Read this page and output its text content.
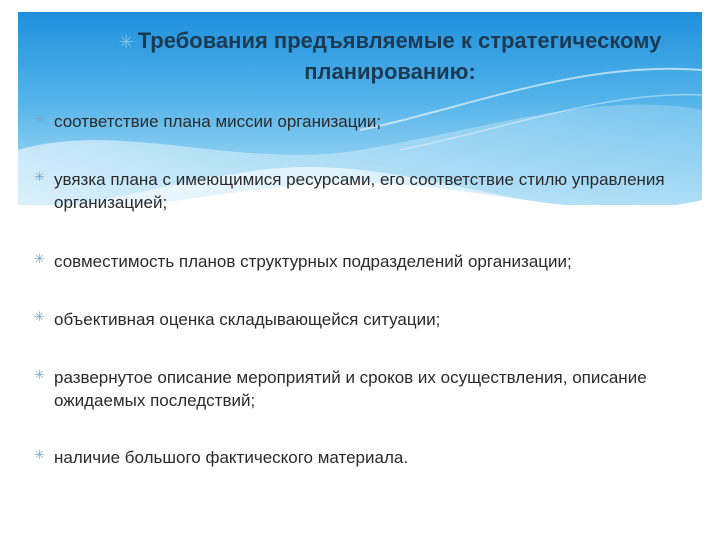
✳ Требования предъявляемые к стратегическому планированию:
✳ соответствие плана миссии организации;
✳ увязка плана с имеющимися ресурсами, его соответствие стилю управления организацией;
✳ совместимость планов структурных подразделений организации;
✳ объективная оценка складывающейся ситуации;
✳ развернутое описание мероприятий и сроков их осуществления, описание ожидаемых последствий;
✳ наличие большого фактического материала.
